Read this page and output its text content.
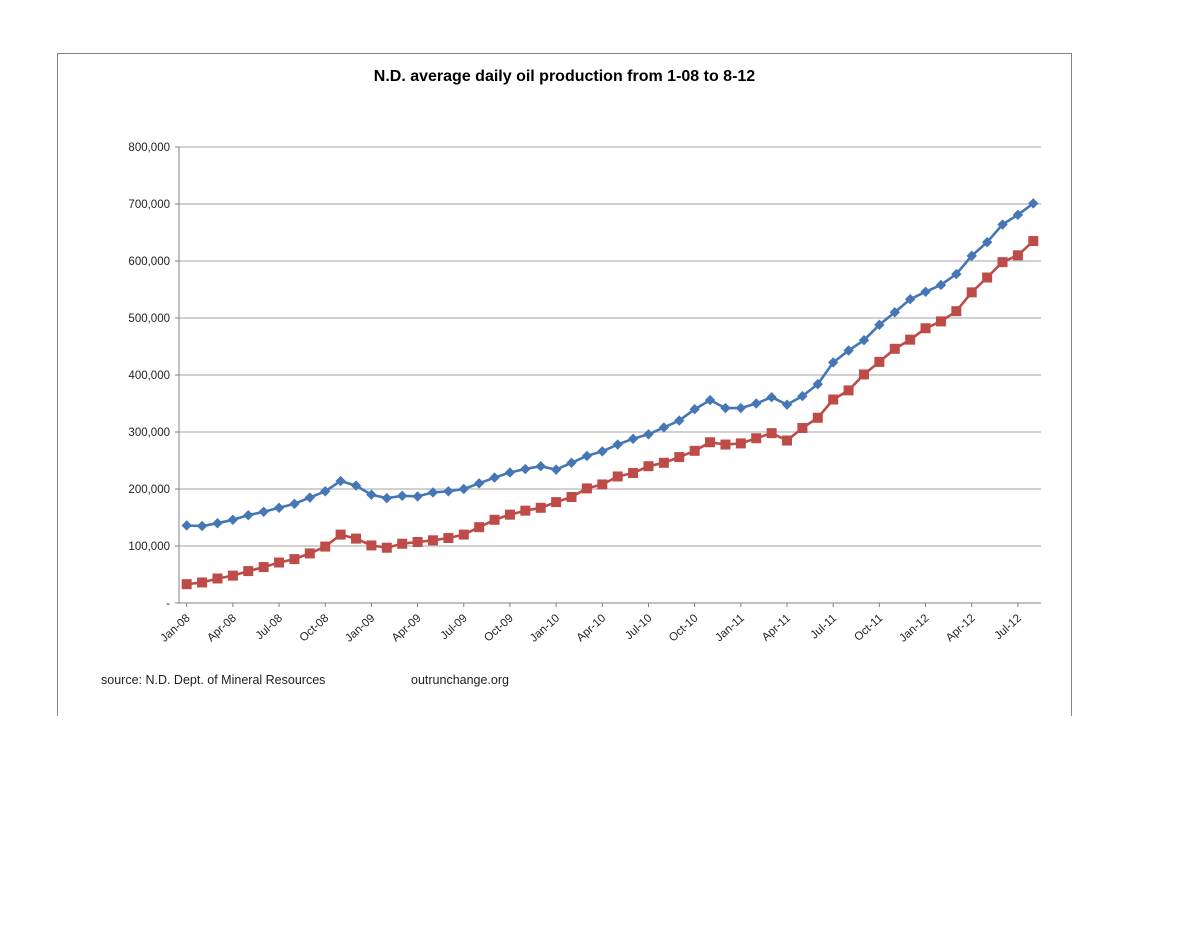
N.D. average daily oil production from 1-08 to 8-12
-
100,000
200,000
300,000
400,000
500,000
600,000
700,000
800,000
Jan-08 Apr-08 Jul-08 Oct-08 Jan-09 Apr-09 Jul-09 Oct-09 Jan-10 Apr-10 Jul-10 Oct-10 Jan-11 Apr-11 Jul-11 Oct-11 Jan-12 Apr-12 Jul-12
source: N.D. Dept. of Mineral Resources	outrunchange.org
